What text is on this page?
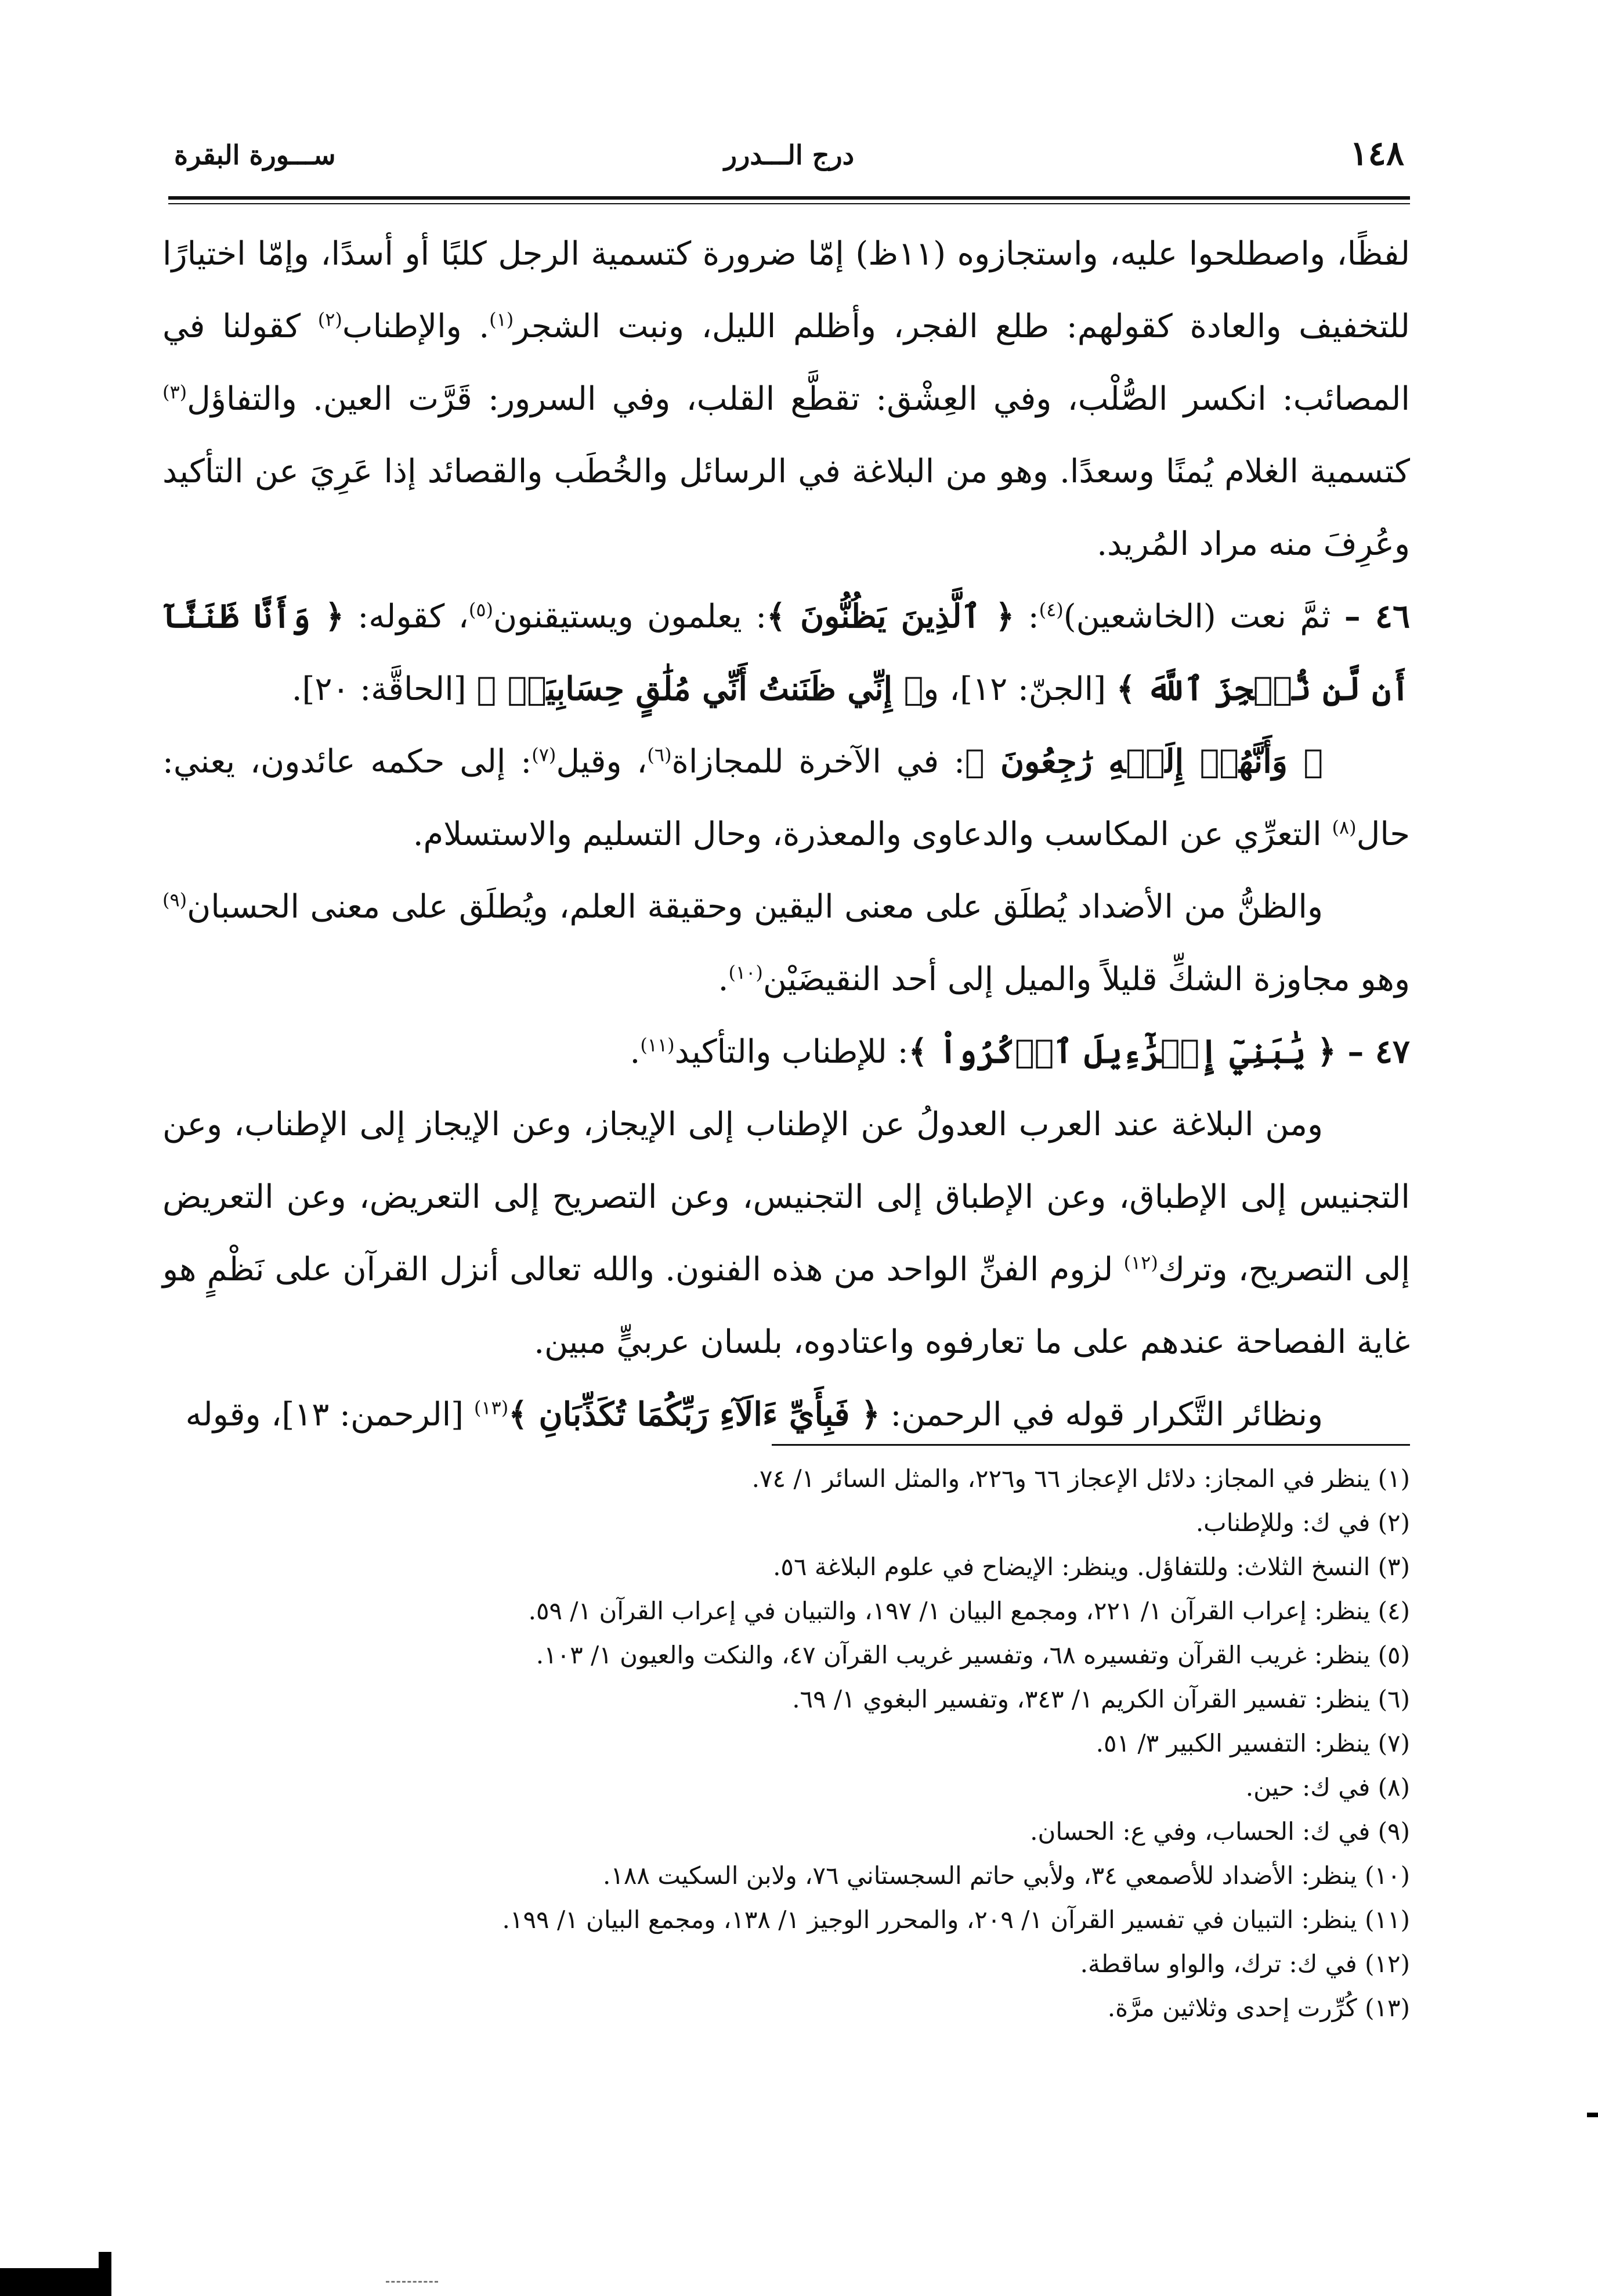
١٤٨
درج الـــدرر
ســـورة البقرة

لفظًا، واصطلحوا عليه، واستجازوه (١١ظ) إمّا ضرورة كتسمية الرجل كلبًا أو أسدًا، وإمّا اختيارًا للتخفيف والعادة كقولهم: طلع الفجر، وأظلم الليل، ونبت الشجر$^{(١)}$. والإطناب$^{(٢)}$ كقولنا في المصائب: انكسر الصُّلْب، وفي العِشْق: تقطَّع القلب، وفي السرور: قَرَّت العين. والتفاؤل$^{(٣)}$ كتسمية الغلام يُمنًا وسعدًا. وهو من البلاغة في الرسائل والخُطَب والقصائد إذا عَرِيَ عن التأكيد وعُرِفَ منه مراد المُريد.

٤٦ – ثمَّ نعت (الخاشعين)$^{(٤)}$: ﴿ ٱلَّذِينَ يَظُنُّونَ ﴾: يعلمون ويستيقنون$^{(٥)}$، كقوله: ﴿ وَأَنَّا ظَنَنَّآ أَن لَّن نُّعۡجِزَ ٱللَّهَ ﴾ [الجنّ: ١٢]، و﴿ إِنِّي ظَنَنتُ أَنِّي مُلَٰقٍ حِسَابِيَهۡ ﴾ [الحاقَّة: ٢٠].

﴿ وَأَنَّهُمۡ إِلَيۡهِ رَٰجِعُونَ ﴾: في الآخرة للمجازاة$^{(٦)}$، وقيل$^{(٧)}$: إلى حكمه عائدون، يعني: حال$^{(٨)}$ التعرِّي عن المكاسب والدعاوى والمعذرة، وحال التسليم والاستسلام.

والظنُّ من الأضداد يُطلَق على معنى اليقين وحقيقة العلم، ويُطلَق على معنى الحسبان$^{(٩)}$ وهو مجاوزة الشكِّ قليلاً والميل إلى أحد النقيضَيْن$^{(١٠)}$.

٤٧ – ﴿ يَٰبَنِيٓ إِسۡرَٰٓءِيلَ ٱذۡكُرُواْ ﴾: للإطناب والتأكيد$^{(١١)}$.

ومن البلاغة عند العرب العدولُ عن الإطناب إلى الإيجاز، وعن الإيجاز إلى الإطناب، وعن التجنيس إلى الإطباق، وعن الإطباق إلى التجنيس، وعن التصريح إلى التعريض، وعن التعريض إلى التصريح، وترك$^{(١٢)}$ لزوم الفنِّ الواحد من هذه الفنون. والله تعالى أنزل القرآن على نَظْمٍ هو غاية الفصاحة عندهم على ما تعارفوه واعتادوه، بلسان عربيٍّ مبين.

ونظائر التَّكرار قوله في الرحمن: ﴿ فَبِأَيِّ ءَالَآءِ رَبِّكُمَا تُكَذِّبَانِ ﴾$^{(١٣)}$ [الرحمن: ١٣]، وقوله

(١) ينظر في المجاز: دلائل الإعجاز ٦٦ و٢٢٦، والمثل السائر ١/ ٧٤.
(٢) في ك: وللإطناب.
(٣) النسخ الثلاث: وللتفاؤل. وينظر: الإيضاح في علوم البلاغة ٥٦.
(٤) ينظر: إعراب القرآن ١/ ٢٢١، ومجمع البيان ١/ ١٩٧، والتبيان في إعراب القرآن ١/ ٥٩.
(٥) ينظر: غريب القرآن وتفسيره ٦٨، وتفسير غريب القرآن ٤٧، والنكت والعيون ١/ ١٠٣.
(٦) ينظر: تفسير القرآن الكريم ١/ ٣٤٣، وتفسير البغوي ١/ ٦٩.
(٧) ينظر: التفسير الكبير ٣/ ٥١.
(٨) في ك: حين.
(٩) في ك: الحساب، وفي ع: الحسان.
(١٠) ينظر: الأضداد للأصمعي ٣٤، ولأبي حاتم السجستاني ٧٦، ولابن السكيت ١٨٨.
(١١) ينظر: التبيان في تفسير القرآن ١/ ٢٠٩، والمحرر الوجيز ١/ ١٣٨، ومجمع البيان ١/ ١٩٩.
(١٢) في ك: ترك، والواو ساقطة.
(١٣) كُرِّرت إحدى وثلاثين مرَّة.
